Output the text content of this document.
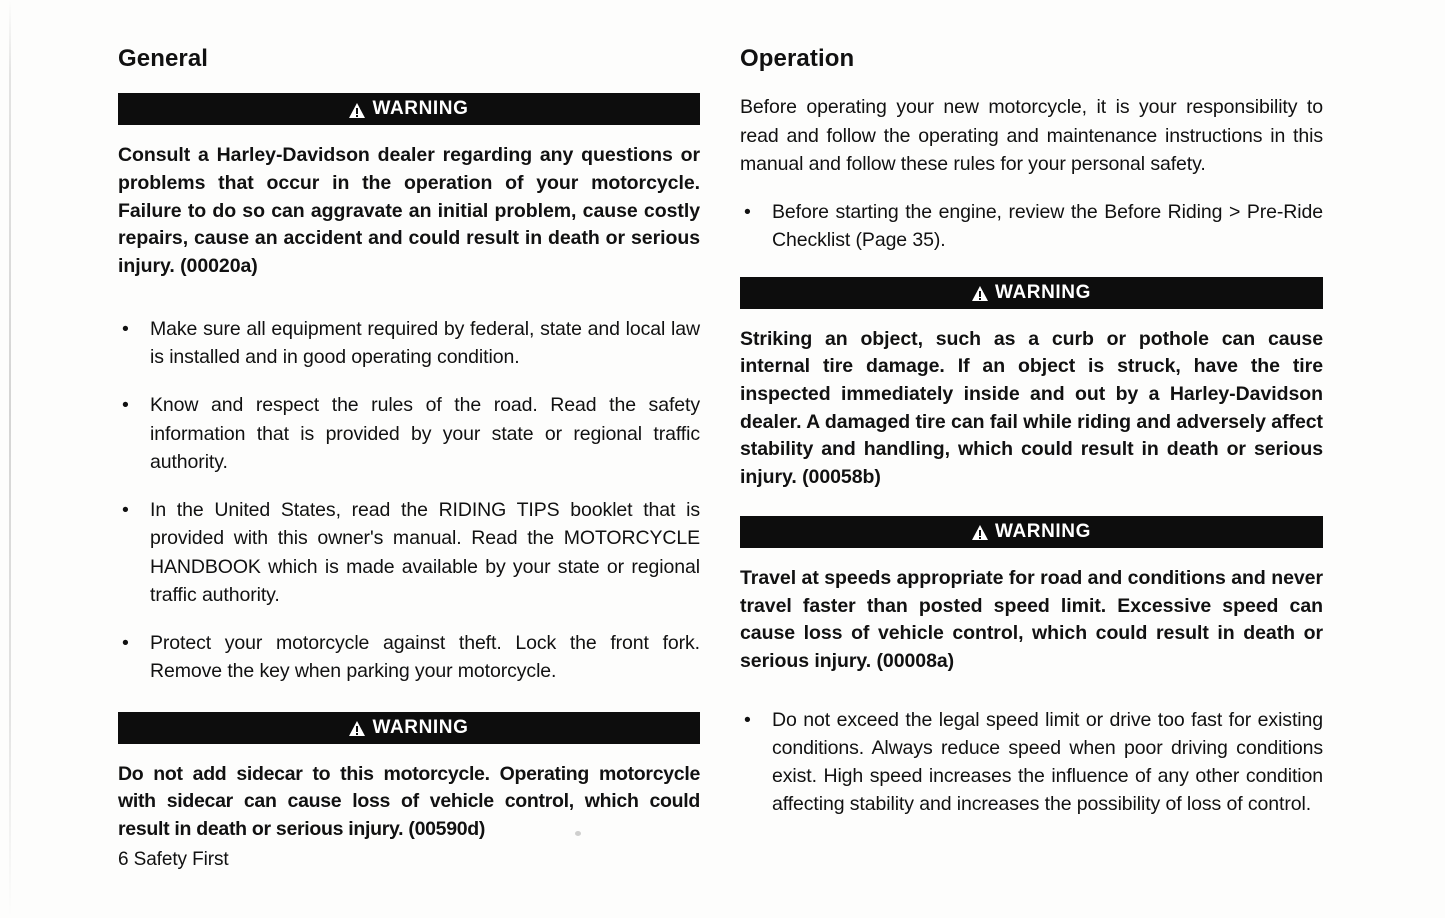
General
WARNING
Consult a Harley-Davidson dealer regarding any questions or problems that occur in the operation of your motorcycle. Failure to do so can aggravate an initial problem, cause costly repairs, cause an accident and could result in death or serious injury. (00020a)
• Make sure all equipment required by federal, state and local law is installed and in good operating condition.
• Know and respect the rules of the road. Read the safety information that is provided by your state or regional traffic authority.
• In the United States, read the RIDING TIPS booklet that is provided with this owner's manual. Read the MOTORCYCLE HANDBOOK which is made available by your state or regional traffic authority.
• Protect your motorcycle against theft. Lock the front fork. Remove the key when parking your motorcycle.
WARNING
Do not add sidecar to this motorcycle. Operating motorcycle with sidecar can cause loss of vehicle control, which could result in death or serious injury. (00590d)
Operation

Before operating your new motorcycle, it is your responsibility to read and follow the operating and maintenance instructions in this manual and follow these rules for your personal safety.

• Before starting the engine, review the Before Riding > Pre-Ride Checklist (Page 35).
WARNING
Striking an object, such as a curb or pothole can cause internal tire damage. If an object is struck, have the tire inspected immediately inside and out by a Harley-Davidson dealer. A damaged tire can fail while riding and adversely affect stability and handling, which could result in death or serious injury. (00058b)
WARNING
Travel at speeds appropriate for road and conditions and never travel faster than posted speed limit. Excessive speed can cause loss of vehicle control, which could result in death or serious injury. (00008a)
• Do not exceed the legal speed limit or drive too fast for existing conditions. Always reduce speed when poor driving conditions exist. High speed increases the influence of any other condition affecting stability and increases the possibility of loss of control.
6 Safety First
